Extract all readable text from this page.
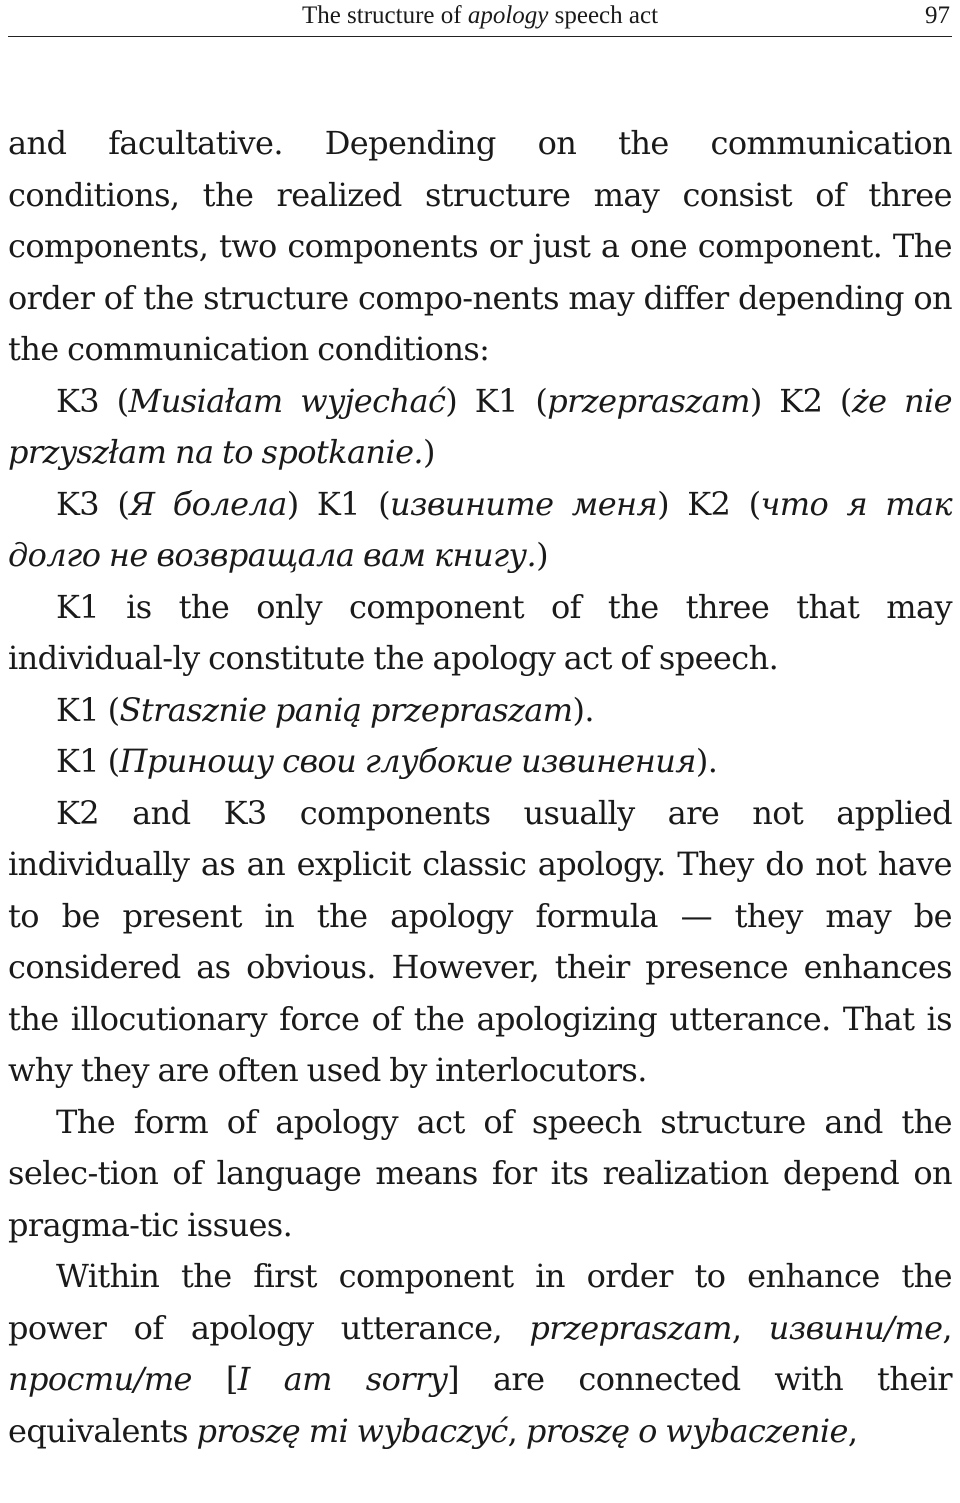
The structure of apology speech act	97

and facultative. Depending on the communication conditions, the realized structure may consist of three components, two components or just a one component. The order of the structure compo-nents may differ depending on the communication conditions:

K3 (Musiałam wyjechać) K1 (przepraszam) K2 (że nie przyszłam na to spotkanie.)

K3 (Я болела) K1 (извините меня) K2 (что я так долго не возвращала вам книгу.)

K1 is the only component of the three that may individual-ly constitute the apology act of speech.

K1 (Strasznie panią przepraszam).

K1 (Приношу свои глубокие извинения).

K2 and K3 components usually are not applied individually as an explicit classic apology. They do not have to be present in the apology formula — they may be considered as obvious. However, their presence enhances the illocutionary force of the apologizing utterance. That is why they are often used by interlocutors.

The form of apology act of speech structure and the selec-tion of language means for its realization depend on pragma-tic issues.

Within the first component in order to enhance the power of apology utterance, przepraszam, извини/те, прости/те [I am sorry] are connected with their equivalents proszę mi wybaczyć, proszę o wybaczenie,
